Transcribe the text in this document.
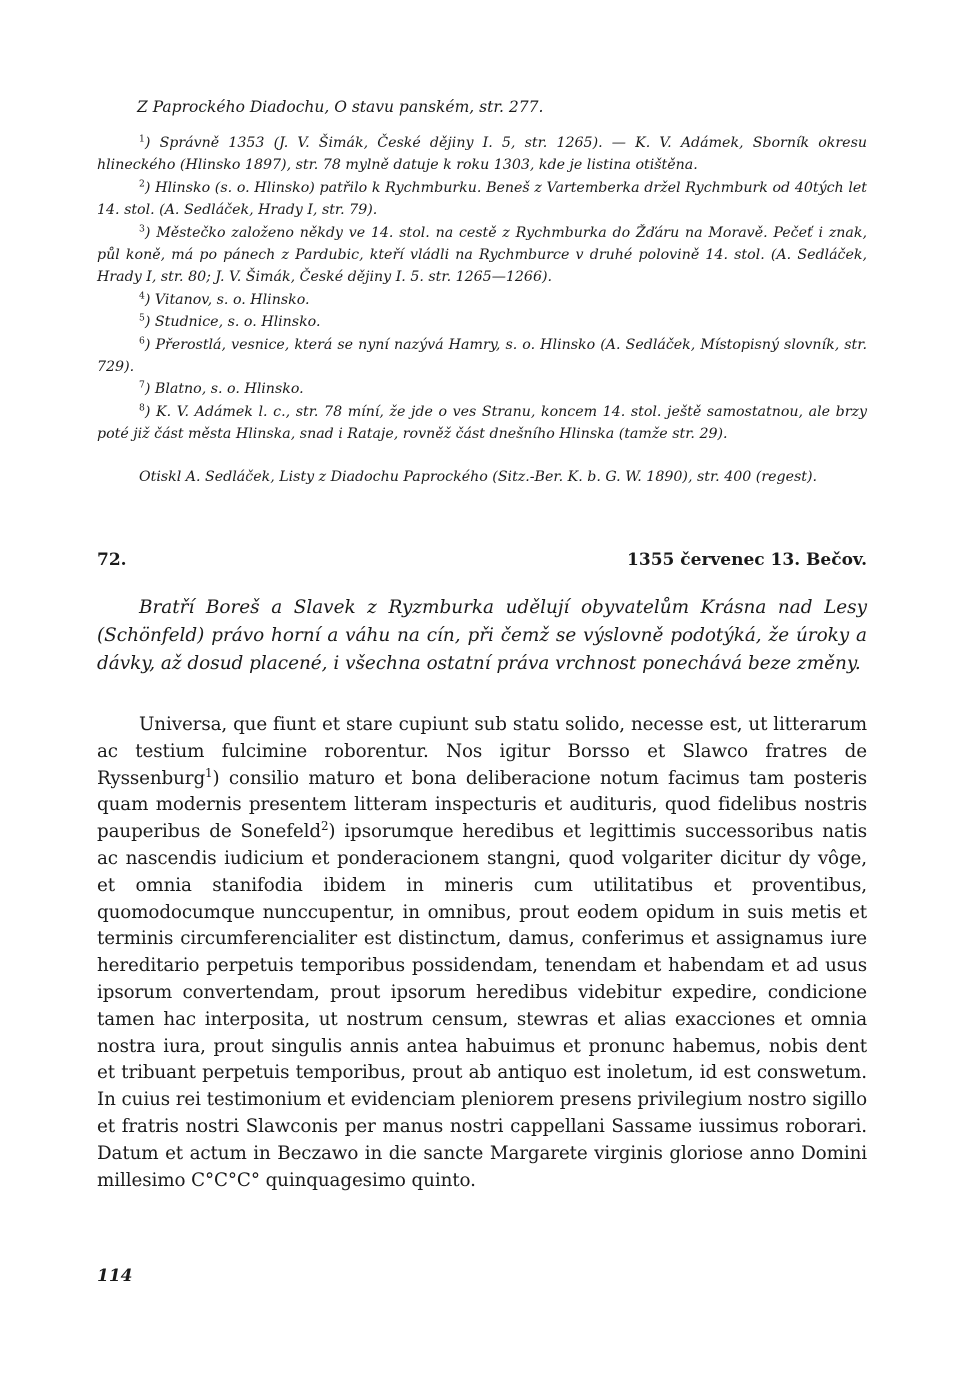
Z Paprockého Diadochu, O stavu panském, str. 277.

$^1$) Správně 1353 (J. V. Šimák, České dějiny I. 5, str. 1265). — K. V. Adámek, Sborník okresu hlineckého (Hlinsko 1897), str. 78 mylně datuje k roku 1303, kde je listina otištěna.

$^2$) Hlinsko (s. o. Hlinsko) patřilo k Rychmburku. Beneš z Vartemberka držel Rychmburk od 40tých let 14. stol. (A. Sedláček, Hrady I, str. 79).

$^3$) Městečko založeno někdy ve 14. stol. na cestě z Rychmburka do Žďáru na Moravě. Pečeť i znak, půl koně, má po pánech z Pardubic, kteří vládli na Rychmburce v druhé polovině 14. stol. (A. Sedláček, Hrady I, str. 80; J. V. Šimák, České dějiny I. 5. str. 1265—1266).

$^4$) Vitanov, s. o. Hlinsko.

$^5$) Studnice, s. o. Hlinsko.

$^6$) Přerostlá, vesnice, která se nyní nazývá Hamry, s. o. Hlinsko (A. Sedláček, Místopisný slovník, str. 729).

$^7$) Blatno, s. o. Hlinsko.

$^8$) K. V. Adámek l. c., str. 78 míní, že jde o ves Stranu, koncem 14. stol. ještě samostatnou, ale brzy poté již část města Hlinska, snad i Rataje, rovněž část dnešního Hlinska (tamže str. 29).

Otiskl A. Sedláček, Listy z Diadochu Paprockého (Sitz.-Ber. K. b. G. W. 1890), str. 400 (regest).

72.	1355 červenec 13. Bečov.

Bratří Boreš a Slavek z Ryzmburka udělují obyvatelům Krásna nad Lesy (Schönfeld) právo horní a váhu na cín, při čemž se výslovně podotýká, že úroky a dávky, až dosud placené, i všechna ostatní práva vrchnost ponechává beze změny.

Universa, que fiunt et stare cupiunt sub statu solido, necesse est, ut litterarum ac testium fulcimine roborentur. Nos igitur Borsso et Slawco fratres de Ryssenburg$^1$) consilio maturo et bona deliberacione notum facimus tam posteris quam modernis presentem litteram inspecturis et audituris, quod fidelibus nostris pauperibus de Sonefeld$^2$) ipsorumque heredibus et legittimis successoribus natis ac nascendis iudicium et ponderacionem stangni, quod volgariter dicitur dy vôge, et omnia stanifodia ibidem in mineris cum utilitatibus et proventibus, quomodocumque nunccupentur, in omnibus, prout eodem opidum in suis metis et terminis circumferencialiter est distinctum, damus, conferimus et assignamus iure hereditario perpetuis temporibus possidendam, tenendam et habendam et ad usus ipsorum convertendam, prout ipsorum heredibus videbitur expedire, condicione tamen hac interposita, ut nostrum censum, stewras et alias exacciones et omnia nostra iura, prout singulis annis antea habuimus et pronunc habemus, nobis dent et tribuant perpetuis temporibus, prout ab antiquo est inoletum, id est conswetum. In cuius rei testimonium et evidenciam pleniorem presens privilegium nostro sigillo et fratris nostri Slawconis per manus nostri cappellani Sassame iussimus roborari. Datum et actum in Beczawo in die sancte Margarete virginis gloriose anno Domini millesimo C°C°C° quinquagesimo quinto.

114
